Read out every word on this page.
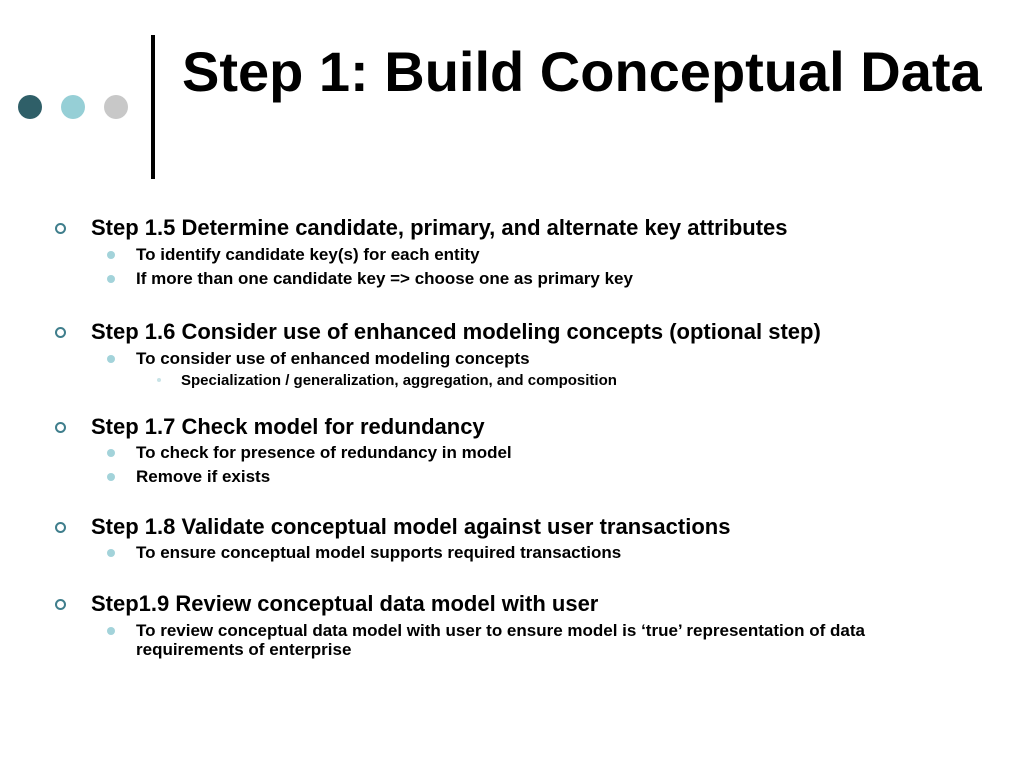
Step 1: Build Conceptual Data
Step 1.5 Determine candidate, primary, and alternate key attributes
To identify candidate key(s) for each entity
If more than one candidate key => choose one as primary key
Step 1.6 Consider use of enhanced modeling concepts (optional step)
To consider use of enhanced modeling concepts
Specialization / generalization, aggregation, and composition
Step 1.7 Check model for redundancy
To check for presence of redundancy in model
Remove if exists
Step 1.8 Validate conceptual model against user transactions
To ensure conceptual model supports required transactions
Step1.9 Review conceptual data model with user
To review conceptual data model with user to ensure model is ‘true’ representation of data requirements of enterprise
